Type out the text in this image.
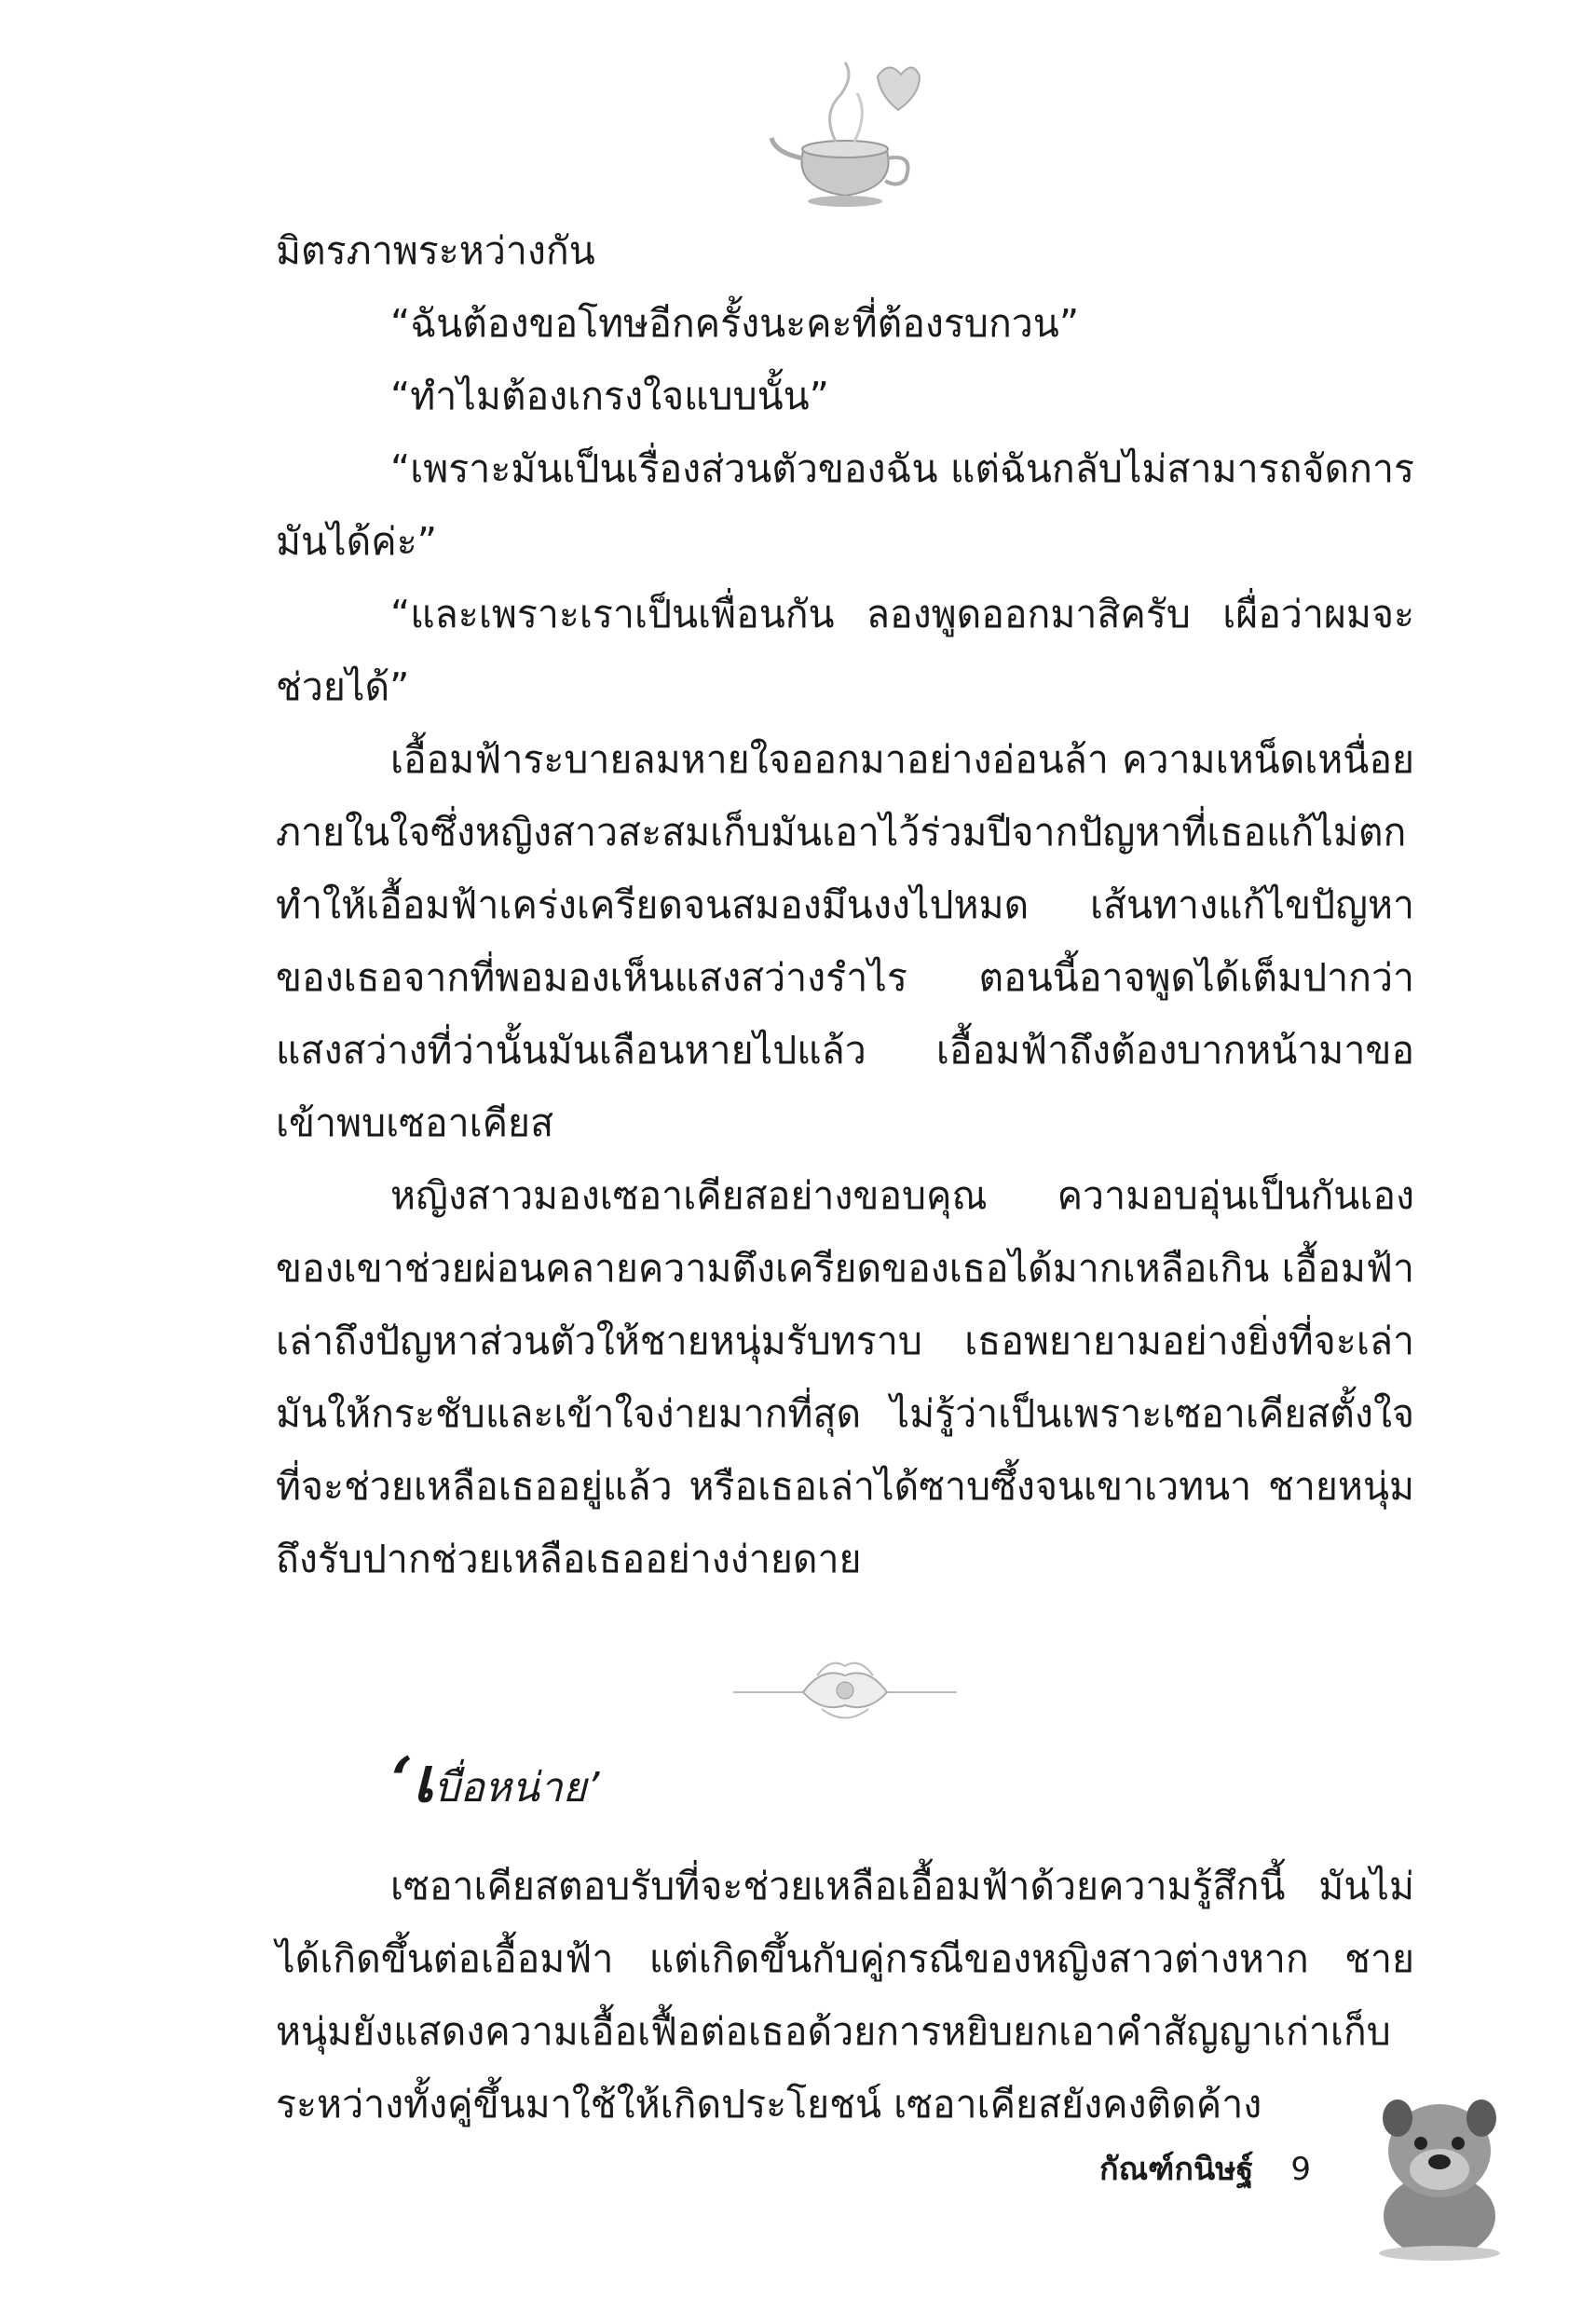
มิตรภาพระหว่างกัน

“ฉันต้องขอโทษอีกครั้งนะคะที่ต้องรบกวน”

“ทำไมต้องเกรงใจแบบนั้น”

“เพราะมันเป็นเรื่องส่วนตัวของฉัน แต่ฉันกลับไม่สามารถจัดการมันได้ค่ะ”

“และเพราะเราเป็นเพื่อนกัน ลองพูดออกมาสิครับ เผื่อว่าผมจะช่วยได้”

เอื้อมฟ้าระบายลมหายใจออกมาอย่างอ่อนล้า ความเหน็ดเหนื่อยภายในใจซึ่งหญิงสาวสะสมเก็บมันเอาไว้ร่วมปีจากปัญหาที่เธอแก้ไม่ตก ทำให้เอื้อมฟ้าเคร่งเครียดจนสมองมึนงงไปหมด เส้นทางแก้ไขปัญหาของเธอจากที่พอมองเห็นแสงสว่างรำไร ตอนนี้อาจพูดได้เต็มปากว่าแสงสว่างที่ว่านั้นมันเลือนหายไปแล้ว เอื้อมฟ้าถึงต้องบากหน้ามาขอเข้าพบเซอาเคียส

หญิงสาวมองเซอาเคียสอย่างขอบคุณ ความอบอุ่นเป็นกันเองของเขาช่วยผ่อนคลายความตึงเครียดของเธอได้มากเหลือเกิน เอื้อมฟ้าเล่าถึงปัญหาส่วนตัวให้ชายหนุ่มรับทราบ เธอพยายามอย่างยิ่งที่จะเล่ามันให้กระชับและเข้าใจง่ายมากที่สุด ไม่รู้ว่าเป็นเพราะเซอาเคียสตั้งใจที่จะช่วยเหลือเธออยู่แล้ว หรือเธอเล่าได้ซาบซึ้งจนเขาเวทนา ชายหนุ่มถึงรับปากช่วยเหลือเธออย่างง่ายดาย

‘เบื่อหน่าย’

เซอาเคียสตอบรับที่จะช่วยเหลือเอื้อมฟ้าด้วยความรู้สึกนี้ มันไม่ได้เกิดขึ้นต่อเอื้อมฟ้า แต่เกิดขึ้นกับคู่กรณีของหญิงสาวต่างหาก ชายหนุ่มยังแสดงความเอื้อเฟื้อต่อเธอด้วยการหยิบยกเอาคำสัญญาเก่าเก็บระหว่างทั้งคู่ขึ้นมาใช้ให้เกิดประโยชน์ เซอาเคียสยังคงติดค้าง

กัณฑ์กนิษฐ์ 9
